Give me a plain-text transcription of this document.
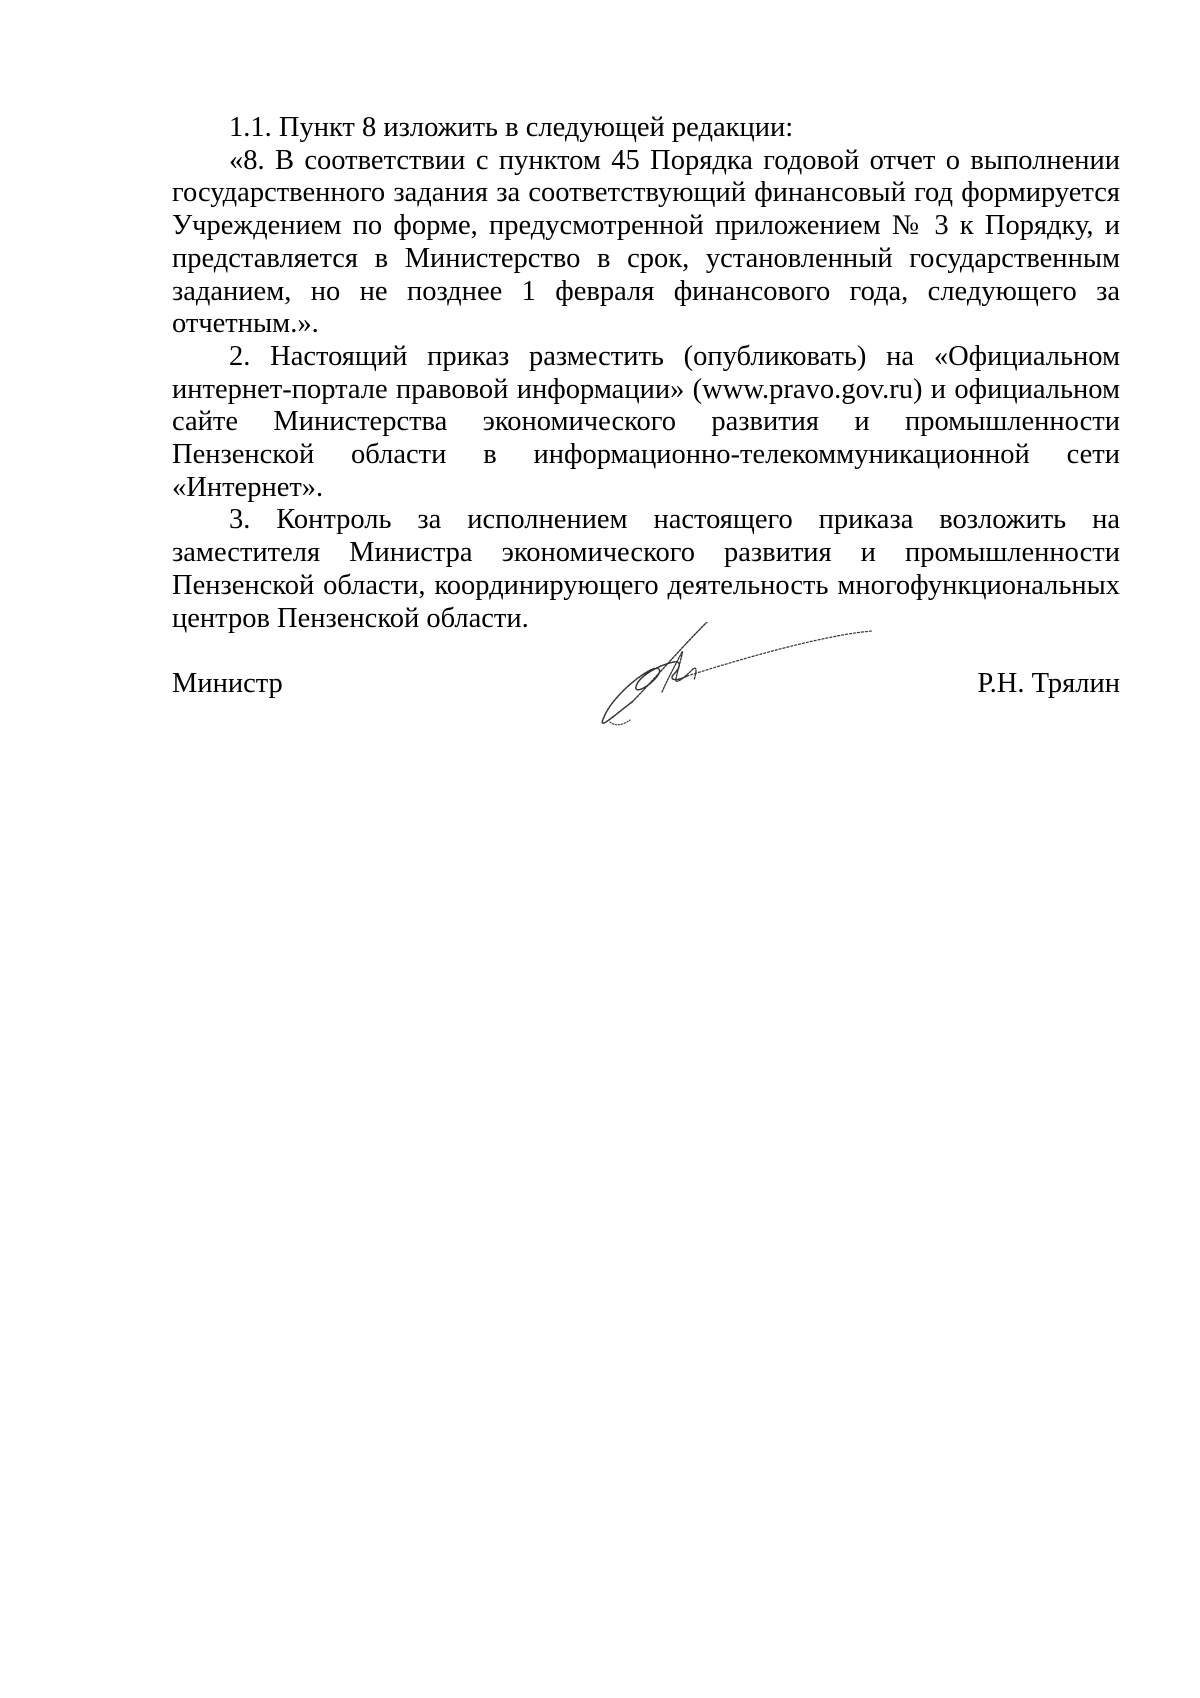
1.1. Пункт 8 изложить в следующей редакции:

«8. В соответствии с пунктом 45 Порядка годовой отчет о выполнении государственного задания за соответствующий финансовый год формируется Учреждением по форме, предусмотренной приложением № 3 к Порядку, и представляется в Министерство в срок, установленный государственным заданием, но не позднее 1 февраля финансового года, следующего за отчетным.».

2. Настоящий приказ разместить (опубликовать) на «Официальном интернет-портале правовой информации» (www.pravo.gov.ru) и официальном сайте Министерства экономического развития и промышленности Пензенской области в информационно-телекоммуникационной сети «Интернет».

3. Контроль за исполнением настоящего приказа возложить на заместителя Министра экономического развития и промышленности Пензенской области, координирующего деятельность многофункциональных центров Пензенской области.

Министр	Р.Н. Трялин
